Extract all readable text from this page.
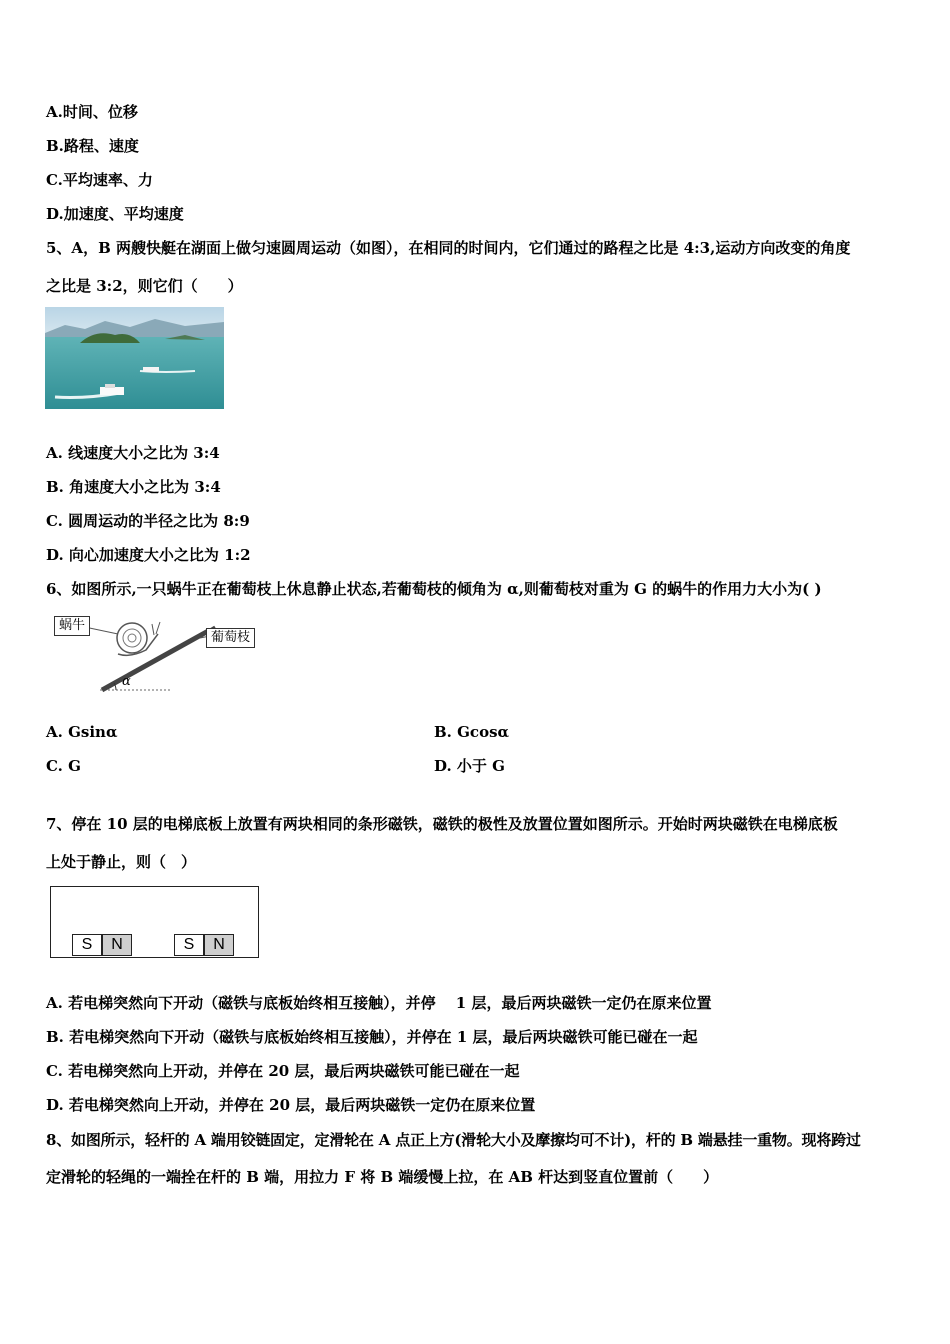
A.时间、位移
B.路程、速度
C.平均速率、力
D.加速度、平均速度
5、A，B 两艘快艇在湖面上做匀速圆周运动（如图），在相同的时间内，它们通过的路程之比是 4:3,运动方向改变的角度
之比是 3:2，则它们（　　）
A. 线速度大小之比为 3:4
B. 角速度大小之比为 3:4
C. 圆周运动的半径之比为 8:9
D. 向心加速度大小之比为 1:2
6、如图所示,一只蜗牛正在葡萄枝上休息静止状态,若葡萄枝的倾角为 α,则葡萄枝对重为 G 的蜗牛的作用力大小为( )
蜗牛
葡萄枝
α
A. Gsinα	B. Gcosα
C. G	D. 小于 G
7、停在 10 层的电梯底板上放置有两块相同的条形磁铁，磁铁的极性及放置位置如图所示。开始时两块磁铁在电梯底板
上处于静止，则（　）
S	N	S	N
A. 若电梯突然向下开动（磁铁与底板始终相互接触），并停　 1 层，最后两块磁铁一定仍在原来位置
B. 若电梯突然向下开动（磁铁与底板始终相互接触），并停在 1 层，最后两块磁铁可能已碰在一起
C. 若电梯突然向上开动，并停在 20 层，最后两块磁铁可能已碰在一起
D. 若电梯突然向上开动，并停在 20 层，最后两块磁铁一定仍在原来位置
8、如图所示，轻杆的 A 端用铰链固定，定滑轮在 A 点正上方(滑轮大小及摩擦均可不计)，杆的 B 端悬挂一重物。现将跨过
定滑轮的轻绳的一端拴在杆的 B 端，用拉力 F 将 B 端缓慢上拉，在 AB 杆达到竖直位置前（　　）
